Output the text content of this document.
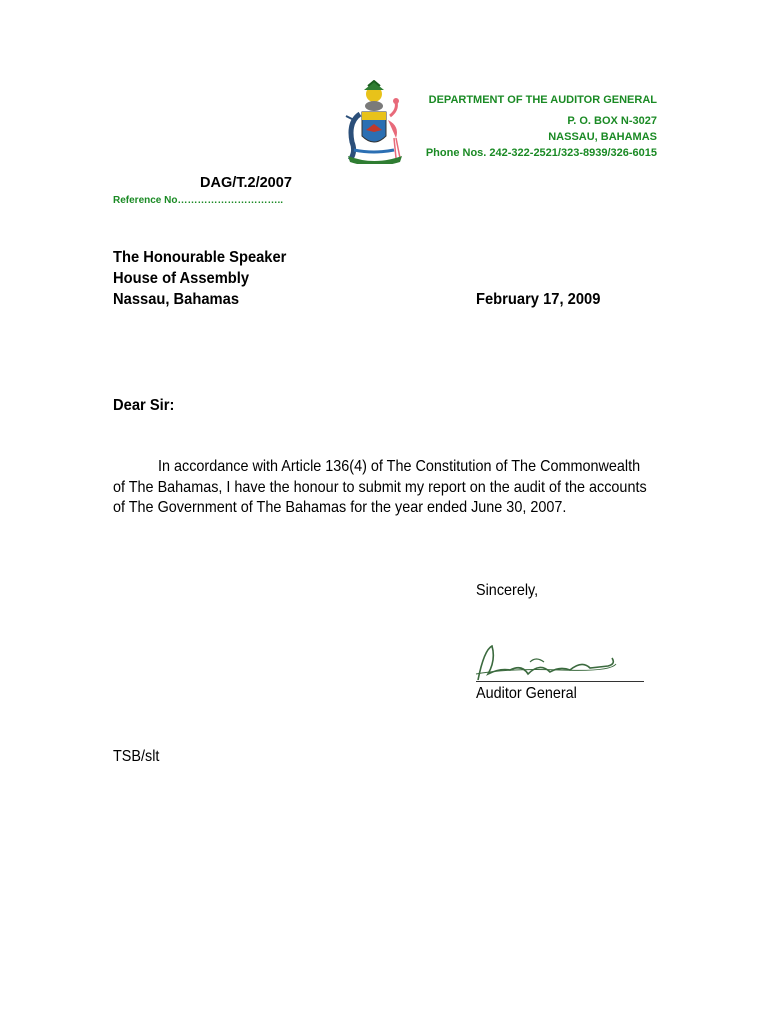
DEPARTMENT OF THE AUDITOR GENERAL
P. O. BOX N-3027
NASSAU, BAHAMAS
Phone Nos. 242-322-2521/323-8939/326-6015
DAG/T.2/2007
Reference No…………………………..
The Honourable Speaker
House of Assembly
Nassau, Bahamas	February 17, 2009
Dear Sir:
In accordance with Article 136(4) of The Constitution of The Commonwealth
of The Bahamas, I have the honour to submit my report on the audit of the accounts
of The Government of The Bahamas for the year ended June 30, 2007.
Sincerely,
Auditor General
TSB/slt
